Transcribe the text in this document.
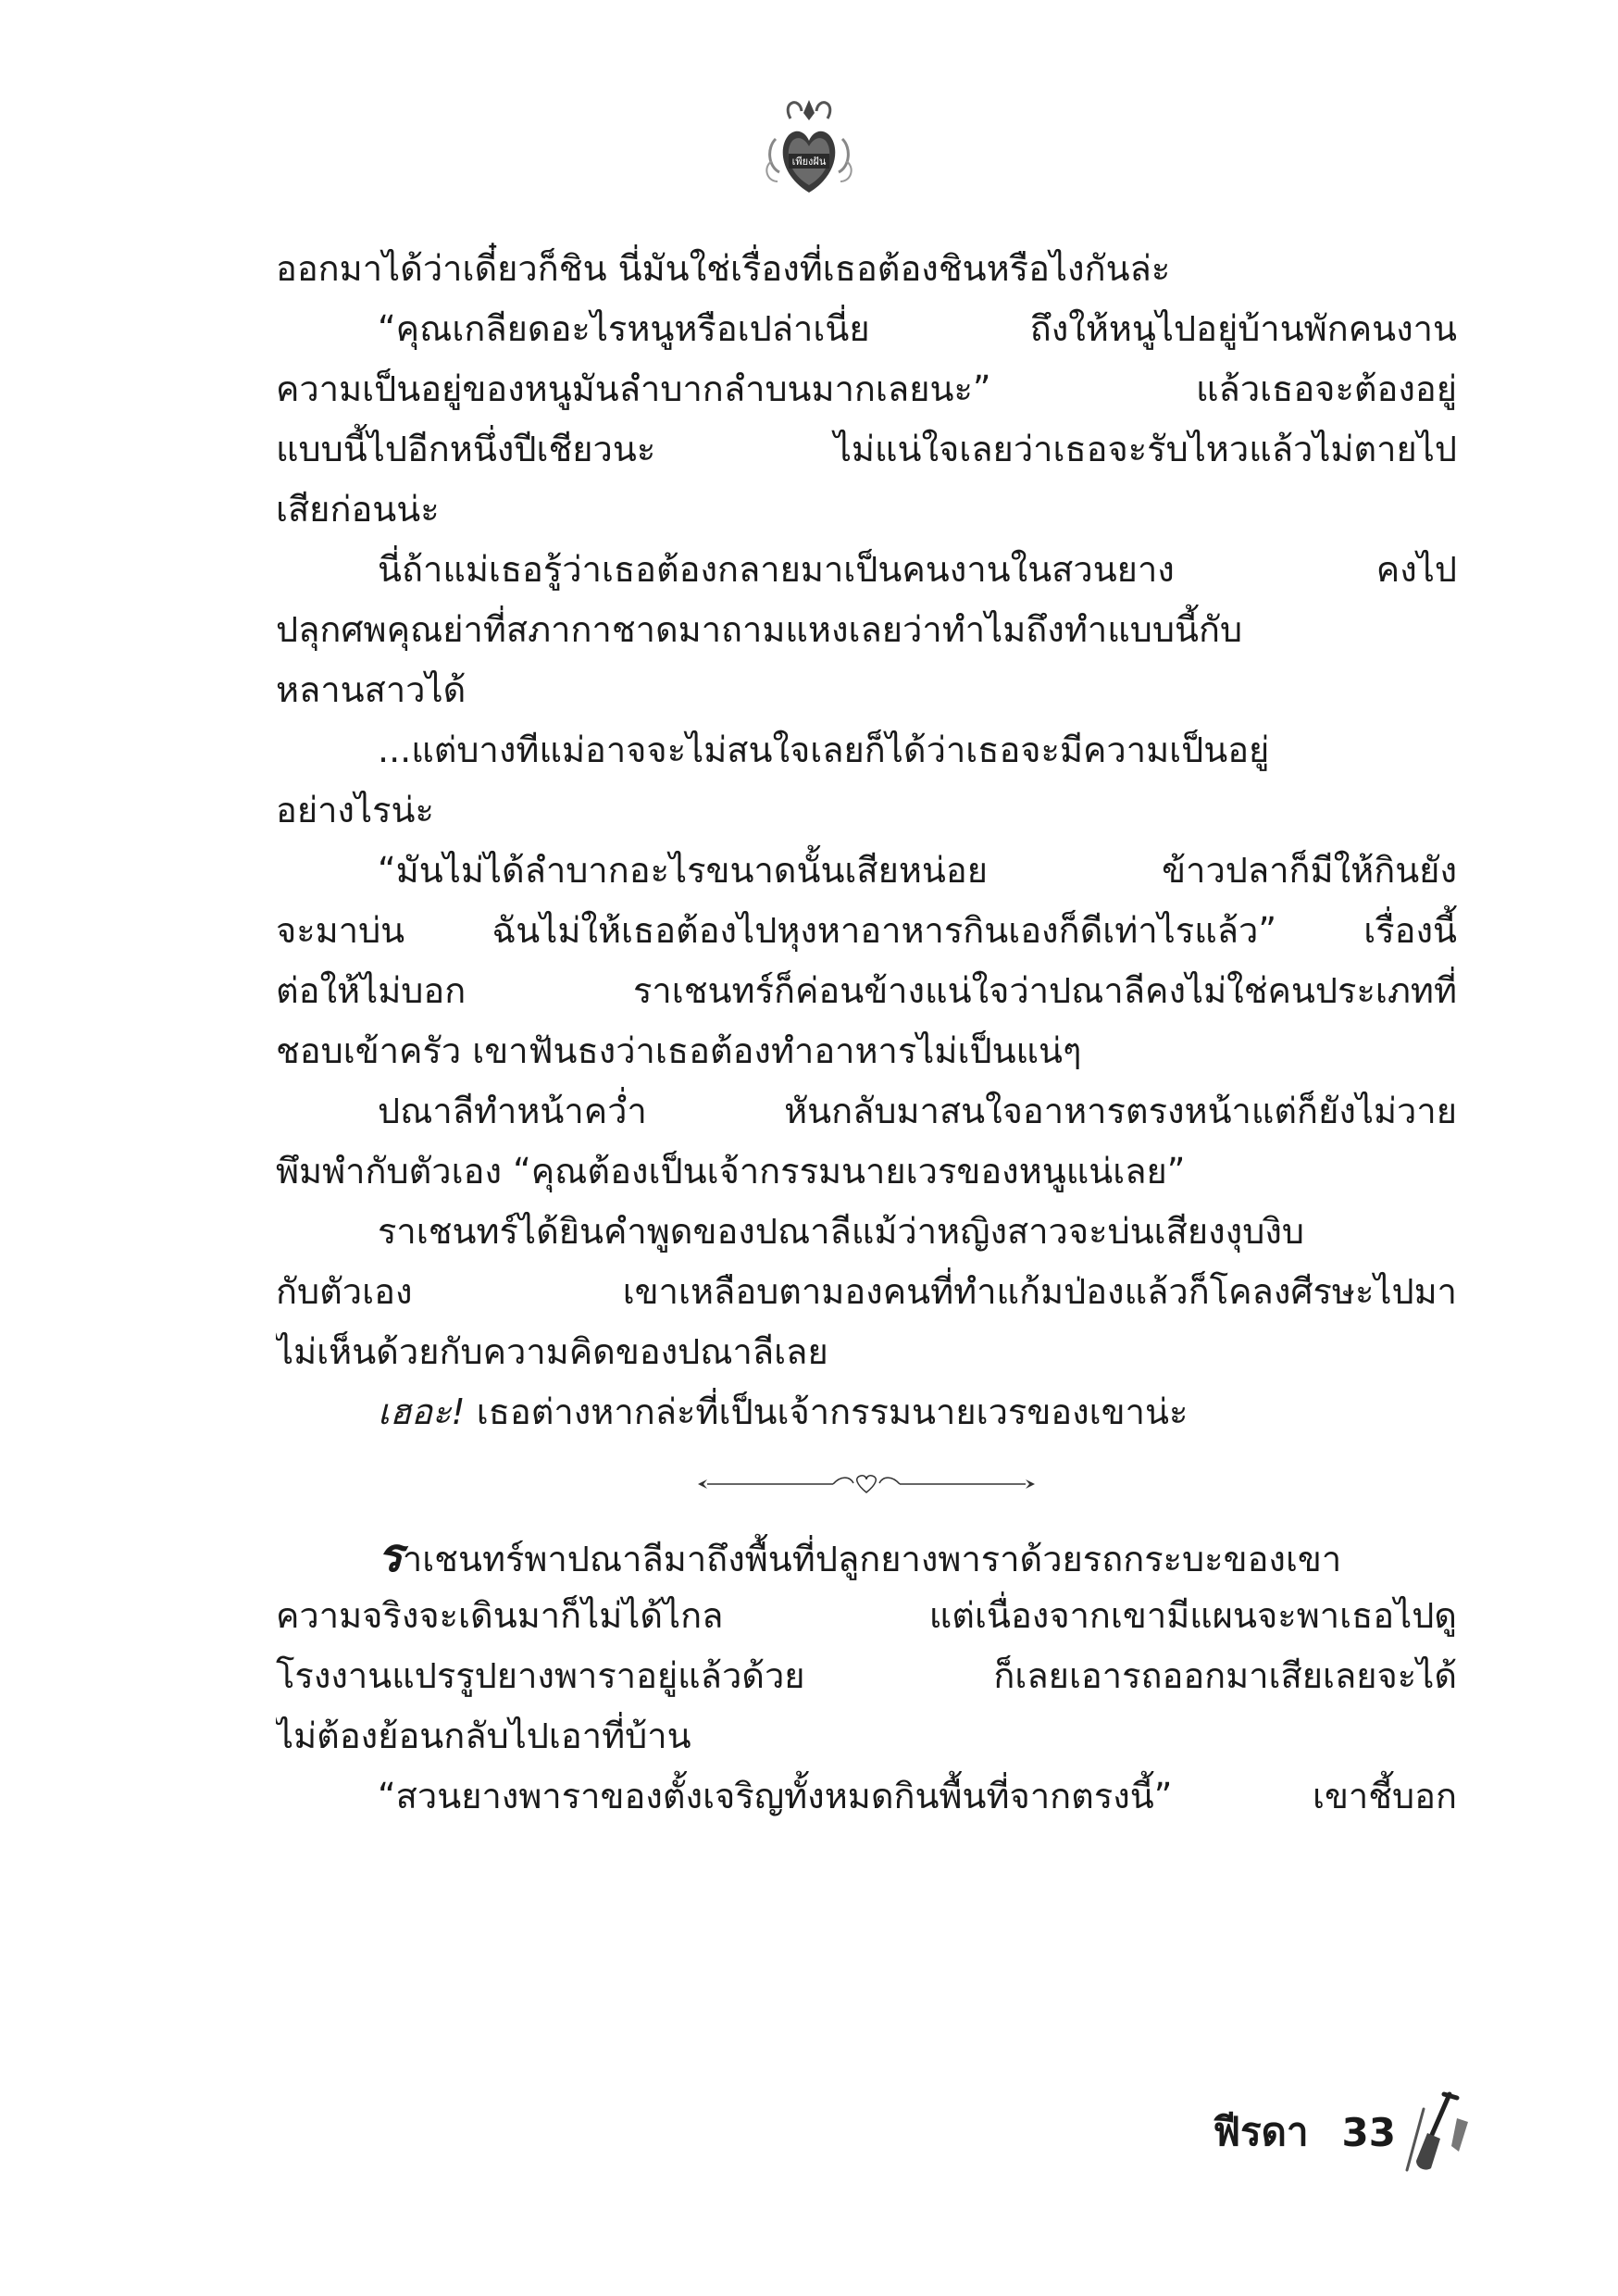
เพียงฝัน
ออกมาได้ว่าเดี๋ยวก็ชิน นี่มันใช่เรื่องที่เธอต้องชินหรือไงกันล่ะ
“คุณเกลียดอะไรหนูหรือเปล่าเนี่ย ถึงให้หนูไปอยู่บ้านพักคนงาน
ความเป็นอยู่ของหนูมันลำบากลำบนมากเลยนะ” แล้วเธอจะต้องอยู่
แบบนี้ไปอีกหนึ่งปีเชียวนะ ไม่แน่ใจเลยว่าเธอจะรับไหวแล้วไม่ตายไป
เสียก่อนน่ะ
นี่ถ้าแม่เธอรู้ว่าเธอต้องกลายมาเป็นคนงานในสวนยาง คงไป
ปลุกศพคุณย่าที่สภากาชาดมาถามแหงเลยว่าทำไมถึงทำแบบนี้กับ
หลานสาวได้
...แต่บางทีแม่อาจจะไม่สนใจเลยก็ได้ว่าเธอจะมีความเป็นอยู่
อย่างไรน่ะ
“มันไม่ได้ลำบากอะไรขนาดนั้นเสียหน่อย ข้าวปลาก็มีให้กินยัง
จะมาบ่น ฉันไม่ให้เธอต้องไปหุงหาอาหารกินเองก็ดีเท่าไรแล้ว” เรื่องนี้
ต่อให้ไม่บอก ราเชนทร์ก็ค่อนข้างแน่ใจว่าปณาลีคงไม่ใช่คนประเภทที่
ชอบเข้าครัว เขาฟันธงว่าเธอต้องทำอาหารไม่เป็นแน่ๆ
ปณาลีทำหน้าคว่ำ หันกลับมาสนใจอาหารตรงหน้าแต่ก็ยังไม่วาย
พึมพำกับตัวเอง “คุณต้องเป็นเจ้ากรรมนายเวรของหนูแน่เลย”
ราเชนทร์ได้ยินคำพูดของปณาลีแม้ว่าหญิงสาวจะบ่นเสียงงุบงิบ
กับตัวเอง เขาเหลือบตามองคนที่ทำแก้มป่องแล้วก็โคลงศีรษะไปมา
ไม่เห็นด้วยกับความคิดของปณาลีเลย
เฮอะ! เธอต่างหากล่ะที่เป็นเจ้ากรรมนายเวรของเขาน่ะ
ราเชนทร์พาปณาลีมาถึงพื้นที่ปลูกยางพาราด้วยรถกระบะของเขา
ความจริงจะเดินมาก็ไม่ได้ไกล แต่เนื่องจากเขามีแผนจะพาเธอไปดู
โรงงานแปรรูปยางพาราอยู่แล้วด้วย ก็เลยเอารถออกมาเสียเลยจะได้
ไม่ต้องย้อนกลับไปเอาที่บ้าน
“สวนยางพาราของตั้งเจริญทั้งหมดกินพื้นที่จากตรงนี้” เขาชี้บอก
ฟีรดา 33
